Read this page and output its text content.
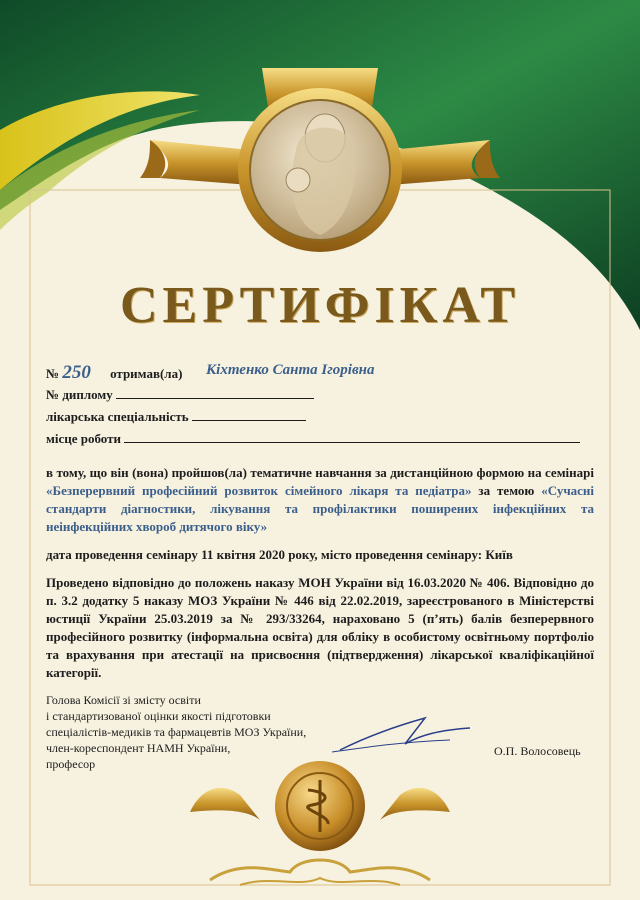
СЕРТИФІКАТ
№ 250 отримав(ла) Кіхтенко Санта Ігорівна
№ диплому
лікарська спеціальність
місце роботи
в тому, що він (вона) пройшов(ла) тематичне навчання за дистанційною формою на семінарі «Безперервний професійний розвиток сімейного лікаря та педіатра» за темою «Сучасні стандарти діагностики, лікування та профілактики поширених інфекційних та неінфекційних хвороб дитячого віку»
дата проведення семінару 11 квітня 2020 року, місто проведення семінару: Київ
Проведено відповідно до положень наказу МОН України від 16.03.2020 № 406. Відповідно до п. 3.2 додатку 5 наказу МОЗ України № 446 від 22.02.2019, зареєстрованого в Міністерстві юстиції України 25.03.2019 за № 293/33264, нараховано 5 (п’ять) балів безперервного професійного розвитку (інформальна освіта) для обліку в особистому освітньому портфоліо та врахування при атестації на присвоєння (підтвердження) лікарської кваліфікаційної категорії.
Голова Комісії зі змісту освіти
і стандартизованої оцінки якості підготовки
спеціалістів-медиків та фармацевтів МОЗ України,
член-кореспондент НАМН України,
професор
О.П. Волосовець
